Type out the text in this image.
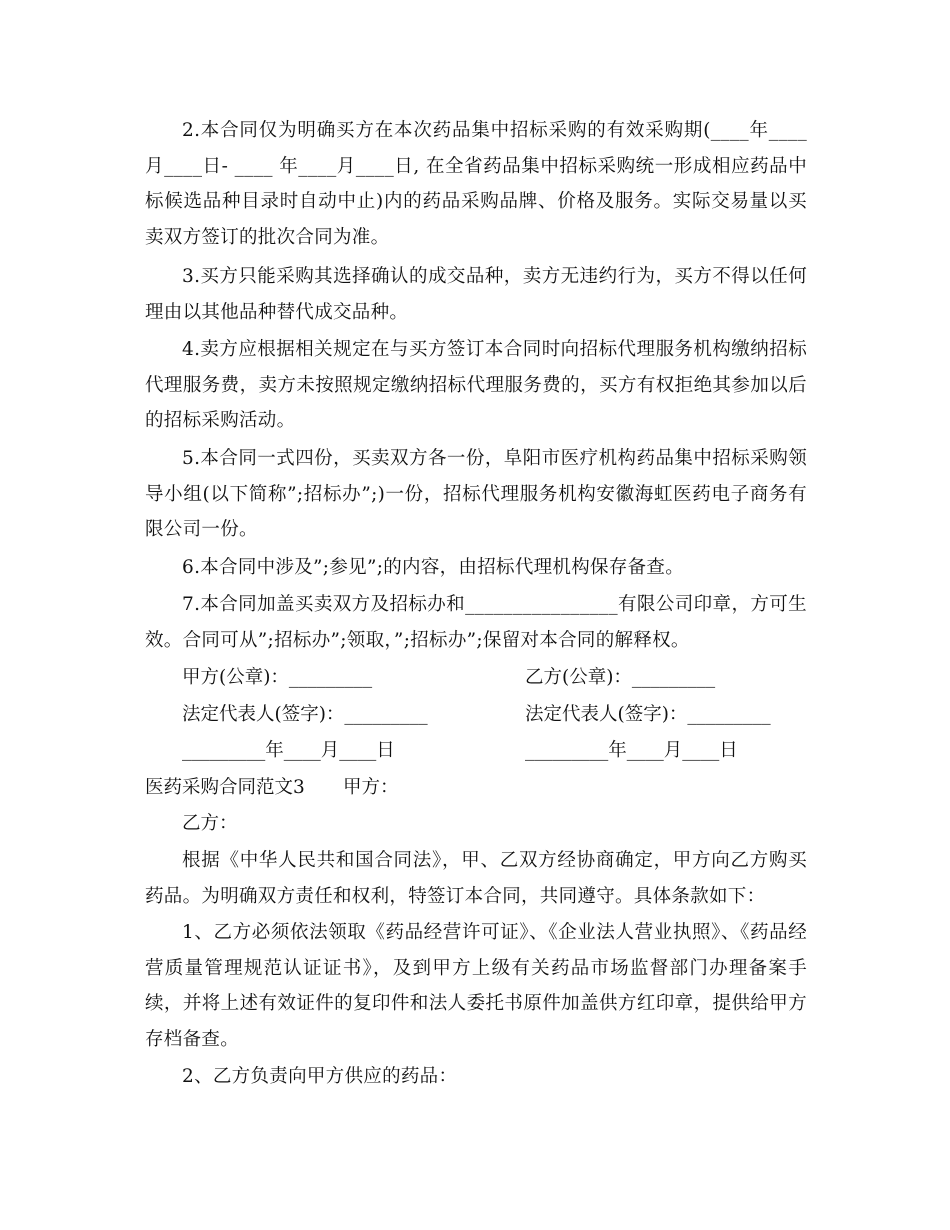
2.本合同仅为明确买方在本次药品集中招标采购的有效采购期(____年____月____日- ____ 年____月____日, 在全省药品集中招标采购统一形成相应药品中标候选品种目录时自动中止)内的药品采购品牌、价格及服务。实际交易量以买卖双方签订的批次合同为准。

3.买方只能采购其选择确认的成交品种，卖方无违约行为，买方不得以任何理由以其他品种替代成交品种。

4.卖方应根据相关规定在与买方签订本合同时向招标代理服务机构缴纳招标代理服务费，卖方未按照规定缴纳招标代理服务费的，买方有权拒绝其参加以后的招标采购活动。

5.本合同一式四份，买卖双方各一份，阜阳市医疗机构药品集中招标采购领导小组(以下简称”;招标办”;)一份，招标代理服务机构安徽海虹医药电子商务有限公司一份。

6.本合同中涉及”;参见”;的内容，由招标代理机构保存备查。

7.本合同加盖买卖双方及招标办和________________有限公司印章，方可生效。合同可从”;招标办”;领取，”;招标办”;保留对本合同的解释权。

甲方(公章)：_________	乙方(公章)：_________
法定代表人(签字)：_________	法定代表人(签字)：_________
_________年____月____日	_________年____月____日
医药采购合同范文3 甲方：
乙方：

根据《中华人民共和国合同法》，甲、乙双方经协商确定，甲方向乙方购买药品。为明确双方责任和权利，特签订本合同，共同遵守。具体条款如下：

1、乙方必须依法领取《药品经营许可证》、《企业法人营业执照》、《药品经营质量管理规范认证证书》，及到甲方上级有关药品市场监督部门办理备案手续，并将上述有效证件的复印件和法人委托书原件加盖供方红印章，提供给甲方存档备查。

2、乙方负责向甲方供应的药品：
